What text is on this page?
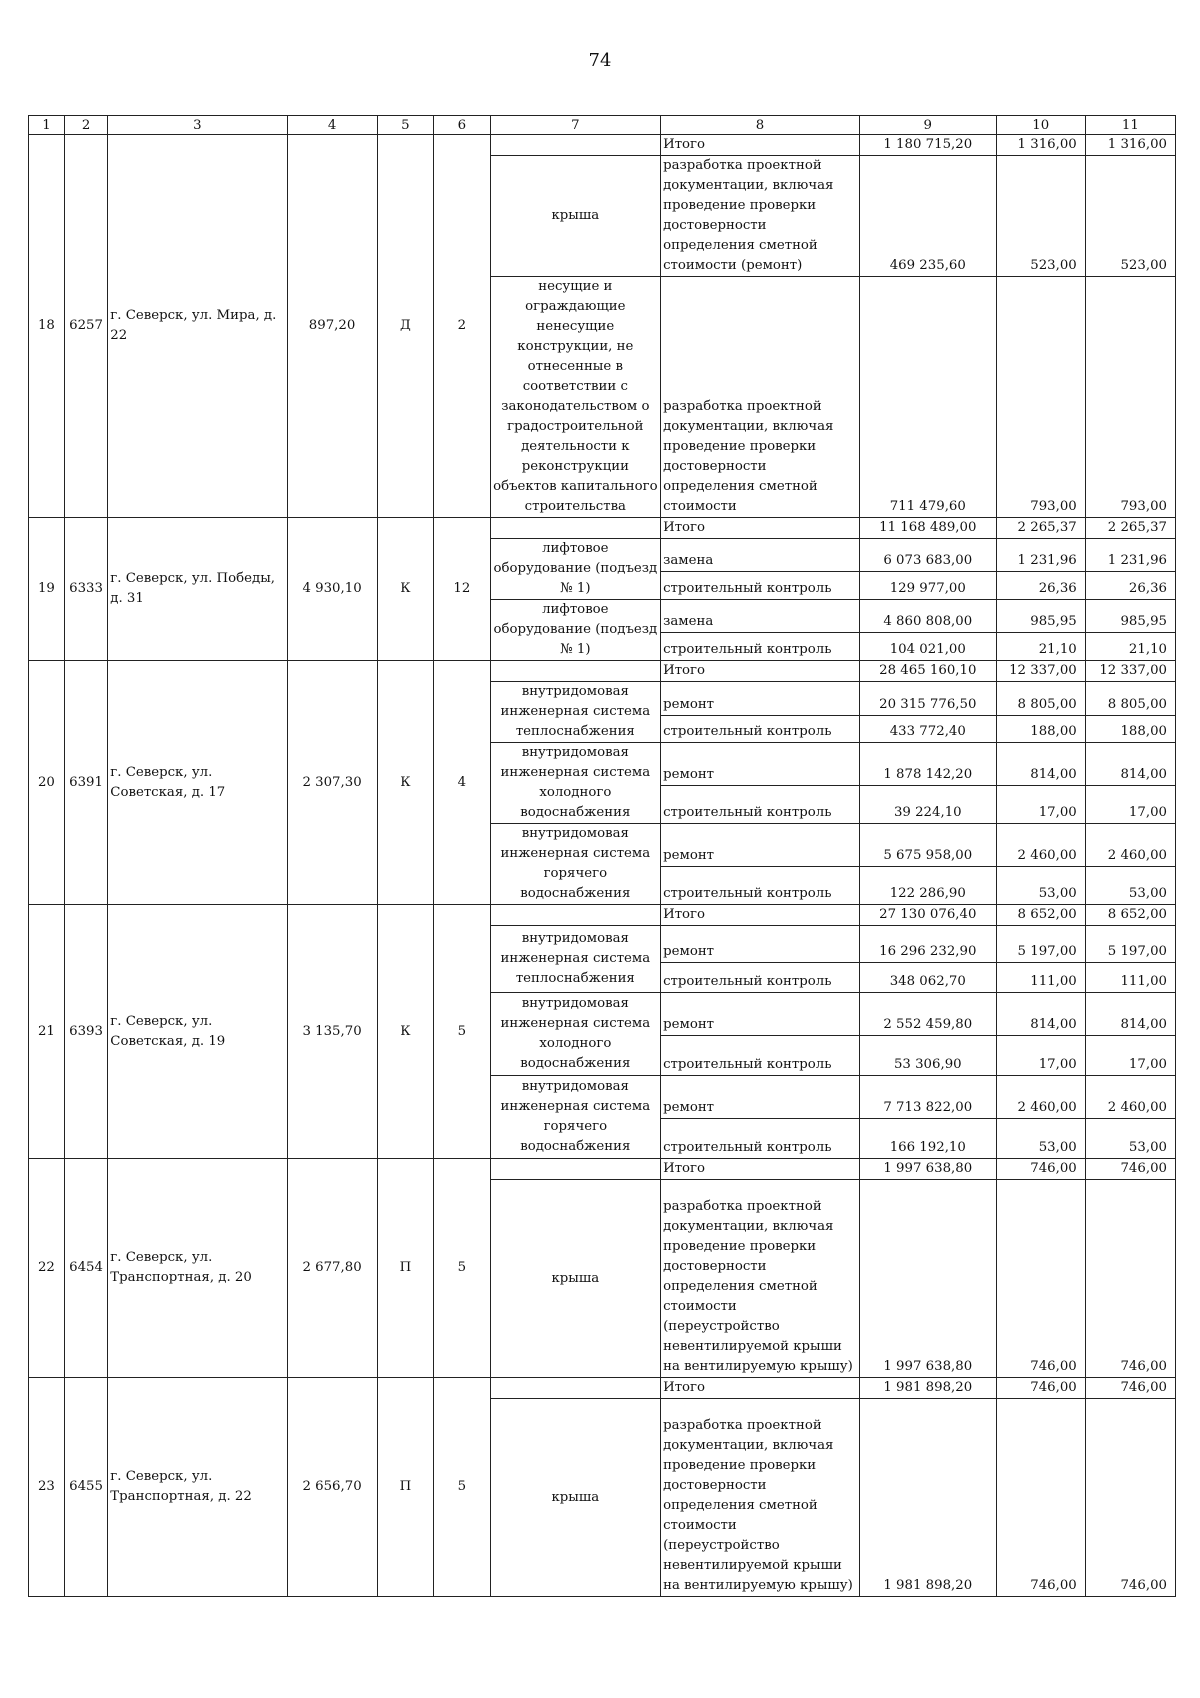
74
1	2	3	4	5	6	7	8	9	10	11
18	6257	г. Северск, ул. Мира, д. 22	897,20	Д	2		Итого	1 180 715,20	1 316,00	1 316,00
						крыша	разработка проектной документации, включая проведение проверки достоверности определения сметной стоимости (ремонт)	469 235,60	523,00	523,00
						несущие и ограждающие ненесущие конструкции, не отнесенные в соответствии с законодательством о градостроительной деятельности к реконструкции объектов капитального строительства	разработка проектной документации, включая проведение проверки достоверности определения сметной стоимости	711 479,60	793,00	793,00
19	6333	г. Северск, ул. Победы, д. 31	4 930,10	К	12		Итого	11 168 489,00	2 265,37	2 265,37
						лифтовое оборудование (подъезд № 1)	замена	6 073 683,00	1 231,96	1 231,96
							строительный контроль	129 977,00	26,36	26,36
						лифтовое оборудование (подъезд № 1)	замена	4 860 808,00	985,95	985,95
							строительный контроль	104 021,00	21,10	21,10
20	6391	г. Северск, ул. Советская, д. 17	2 307,30	К	4		Итого	28 465 160,10	12 337,00	12 337,00
						внутридомовая инженерная система теплоснабжения	ремонт	20 315 776,50	8 805,00	8 805,00
							строительный контроль	433 772,40	188,00	188,00
						внутридомовая инженерная система холодного водоснабжения	ремонт	1 878 142,20	814,00	814,00
							строительный контроль	39 224,10	17,00	17,00
						внутридомовая инженерная система горячего водоснабжения	ремонт	5 675 958,00	2 460,00	2 460,00
							строительный контроль	122 286,90	53,00	53,00
21	6393	г. Северск, ул. Советская, д. 19	3 135,70	К	5		Итого	27 130 076,40	8 652,00	8 652,00
						внутридомовая инженерная система теплоснабжения	ремонт	16 296 232,90	5 197,00	5 197,00
							строительный контроль	348 062,70	111,00	111,00
						внутридомовая инженерная система холодного водоснабжения	ремонт	2 552 459,80	814,00	814,00
							строительный контроль	53 306,90	17,00	17,00
						внутридомовая инженерная система горячего водоснабжения	ремонт	7 713 822,00	2 460,00	2 460,00
							строительный контроль	166 192,10	53,00	53,00
22	6454	г. Северск, ул. Транспортная, д. 20	2 677,80	П	5		Итого	1 997 638,80	746,00	746,00
						крыша	разработка проектной документации, включая проведение проверки достоверности определения сметной стоимости (переустройство невентилируемой крыши на вентилируемую крышу)	1 997 638,80	746,00	746,00
23	6455	г. Северск, ул. Транспортная, д. 22	2 656,70	П	5		Итого	1 981 898,20	746,00	746,00
						крыша	разработка проектной документации, включая проведение проверки достоверности определения сметной стоимости (переустройство невентилируемой крыши на вентилируемую крышу)	1 981 898,20	746,00	746,00
